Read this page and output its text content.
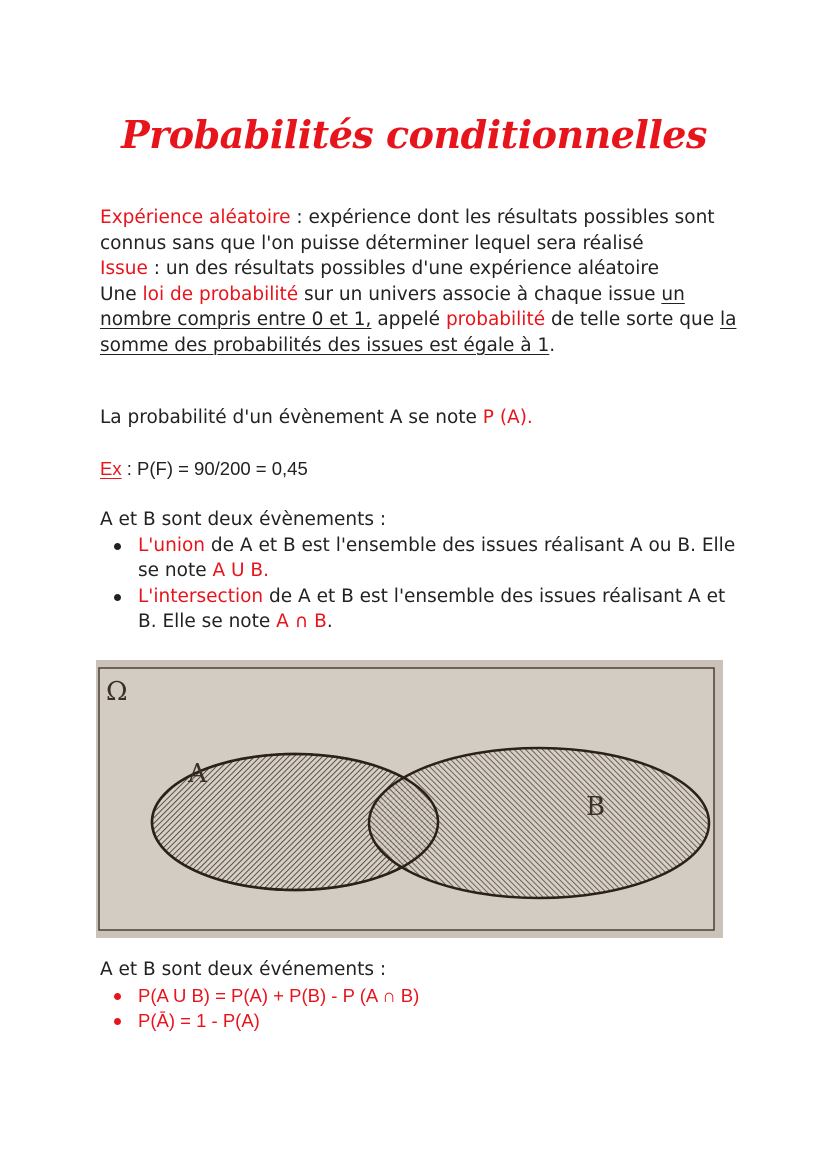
Probabilités conditionnelles
Expérience aléatoire : expérience dont les résultats possibles sont connus sans que l'on puisse déterminer lequel sera réalisé
Issue : un des résultats possibles d'une expérience aléatoire
Une loi de probabilité sur un univers associe à chaque issue un nombre compris entre 0 et 1, appelé probabilité de telle sorte que la somme des probabilités des issues est égale à 1.
La probabilité d'un évènement A se note P (A).
Ex : P(F) = 90/200 = 0,45
A et B sont deux évènements :
L'union de A et B est l'ensemble des issues réalisant A ou B. Elle se note A U B.
L'intersection de A et B est l'ensemble des issues réalisant A et B. Elle se note A ∩ B.
Ω
A
B
A et B sont deux événements :
P(A U B) = P(A) + P(B) - P (A ∩ B)
P(Ā) = 1 - P(A)
